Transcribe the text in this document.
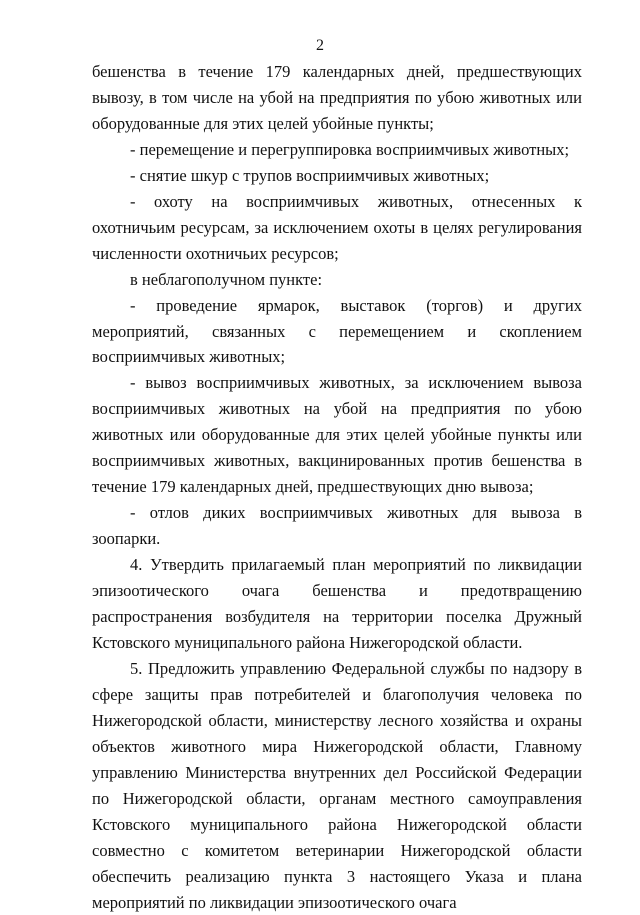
2

бешенства в течение 179 календарных дней, предшествующих вывозу, в том числе на убой на предприятия по убою животных или оборудованные для этих целей убойные пункты;

- перемещение и перегруппировка восприимчивых животных;

- снятие шкур с трупов восприимчивых животных;

- охоту на восприимчивых животных, отнесенных к охотничьим ресурсам, за исключением охоты в целях регулирования численности охотничьих ресурсов;

в неблагополучном пункте:

- проведение ярмарок, выставок (торгов) и других мероприятий, связанных с перемещением и скоплением восприимчивых животных;

- вывоз восприимчивых животных, за исключением вывоза восприимчивых животных на убой на предприятия по убою животных или оборудованные для этих целей убойные пункты или восприимчивых животных, вакцинированных против бешенства в течение 179 календарных дней, предшествующих дню вывоза;

- отлов диких восприимчивых животных для вывоза в зоопарки.

4. Утвердить прилагаемый план мероприятий по ликвидации эпизоотического очага бешенства и предотвращению распространения возбудителя на территории поселка Дружный Кстовского муниципального района Нижегородской области.

5. Предложить управлению Федеральной службы по надзору в сфере защиты прав потребителей и благополучия человека по Нижегородской области, министерству лесного хозяйства и охраны объектов животного мира Нижегородской области, Главному управлению Министерства внутренних дел Российской Федерации по Нижегородской области, органам местного самоуправления Кстовского муниципального района Нижегородской области совместно с комитетом ветеринарии Нижегородской области обеспечить реализацию пункта 3 настоящего Указа и плана мероприятий по ликвидации эпизоотического очага
